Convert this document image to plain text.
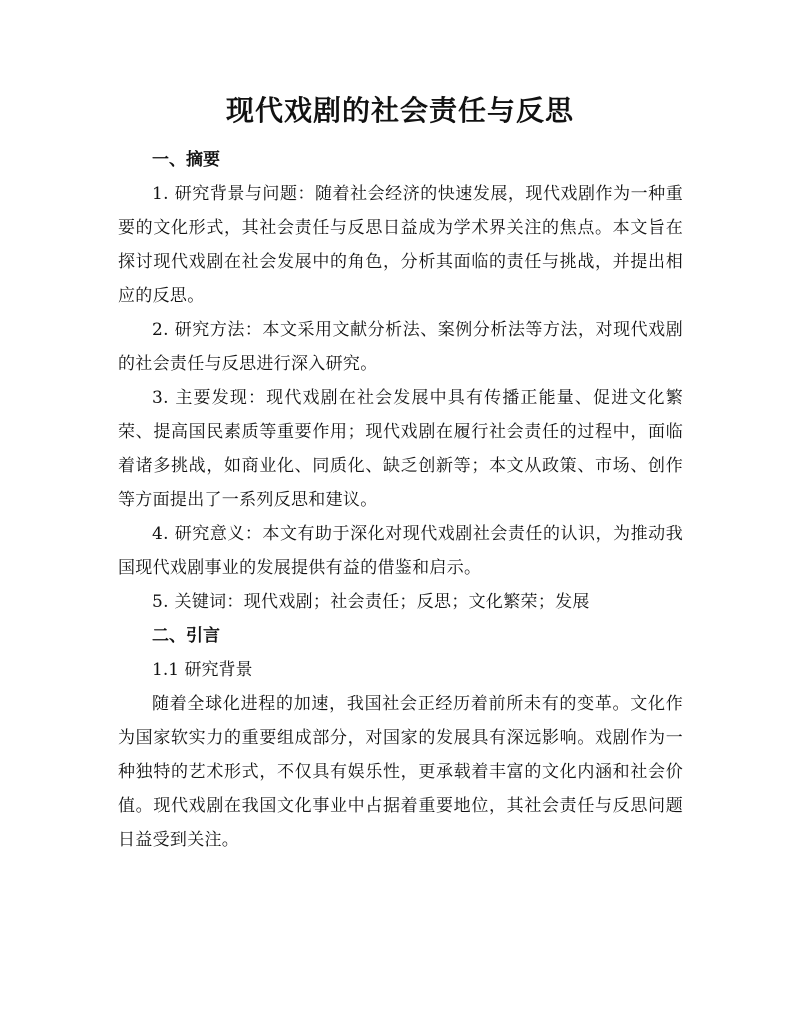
现代戏剧的社会责任与反思

一、摘要

1. 研究背景与问题：随着社会经济的快速发展，现代戏剧作为一种重要的文化形式，其社会责任与反思日益成为学术界关注的焦点。本文旨在探讨现代戏剧在社会发展中的角色，分析其面临的责任与挑战，并提出相应的反思。

2. 研究方法：本文采用文献分析法、案例分析法等方法，对现代戏剧的社会责任与反思进行深入研究。

3. 主要发现：现代戏剧在社会发展中具有传播正能量、促进文化繁荣、提高国民素质等重要作用；现代戏剧在履行社会责任的过程中，面临着诸多挑战，如商业化、同质化、缺乏创新等；本文从政策、市场、创作等方面提出了一系列反思和建议。

4. 研究意义：本文有助于深化对现代戏剧社会责任的认识，为推动我国现代戏剧事业的发展提供有益的借鉴和启示。

5. 关键词：现代戏剧；社会责任；反思；文化繁荣；发展

二、引言

1.1 研究背景

随着全球化进程的加速，我国社会正经历着前所未有的变革。文化作为国家软实力的重要组成部分，对国家的发展具有深远影响。戏剧作为一种独特的艺术形式，不仅具有娱乐性，更承载着丰富的文化内涵和社会价值。现代戏剧在我国文化事业中占据着重要地位，其社会责任与反思问题日益受到关注。
